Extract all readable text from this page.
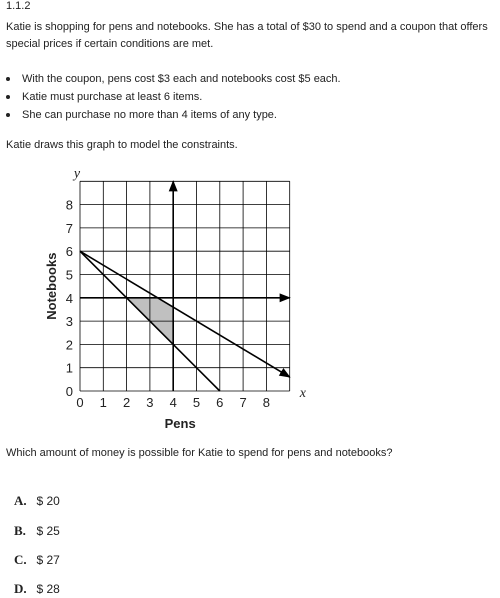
1.1.2
Katie is shopping for pens and notebooks. She has a total of $30 to spend and a coupon that offers special prices if certain conditions are met.
With the coupon, pens cost $3 each and notebooks cost $5 each.
Katie must purchase at least 6 items.
She can purchase no more than 4 items of any type.
Katie draws this graph to model the constraints.
0 1 2 3 4 5 6 7 8
0
1
2
3
4
5
6
7
8
Pens
Notebooks
x
y
Which amount of money is possible for Katie to spend for pens and notebooks?
A. $ 20
B. $ 25
C. $ 27
D. $ 28
